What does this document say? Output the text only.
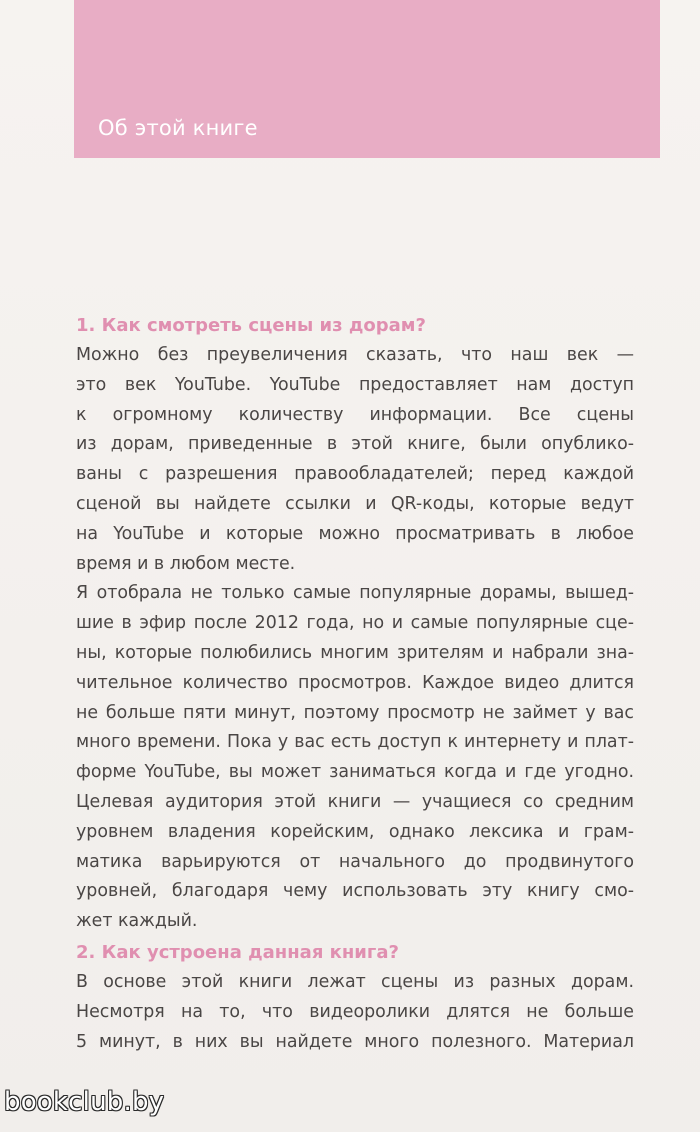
Об этой книге
1. Как смотреть сцены из дорам?
Можно без преувеличения сказать, что наш век —
это век YouTube. YouTube предоставляет нам доступ
к огромному количеству информации. Все сцены
из дорам, приведенные в этой книге, были опублико-
ваны с разрешения правообладателей; перед каждой
сценой вы найдете ссылки и QR-коды, которые ведут
на YouTube и которые можно просматривать в любое
время и в любом месте.
Я отобрала не только самые популярные дорамы, вышед-
шие в эфир после 2012 года, но и самые популярные сце-
ны, которые полюбились многим зрителям и набрали зна-
чительное количество просмотров. Каждое видео длится
не больше пяти минут, поэтому просмотр не займет у вас
много времени. Пока у вас есть доступ к интернету и плат-
форме YouTube, вы может заниматься когда и где угодно.
Целевая аудитория этой книги — учащиеся со средним
уровнем владения корейским, однако лексика и грам-
матика варьируются от начального до продвинутого
уровней, благодаря чему использовать эту книгу смо-
жет каждый.
2. Как устроена данная книга?
В основе этой книги лежат сцены из разных дорам.
Несмотря на то, что видеоролики длятся не больше
5 минут, в них вы найдете много полезного. Материал
bookclub.by
